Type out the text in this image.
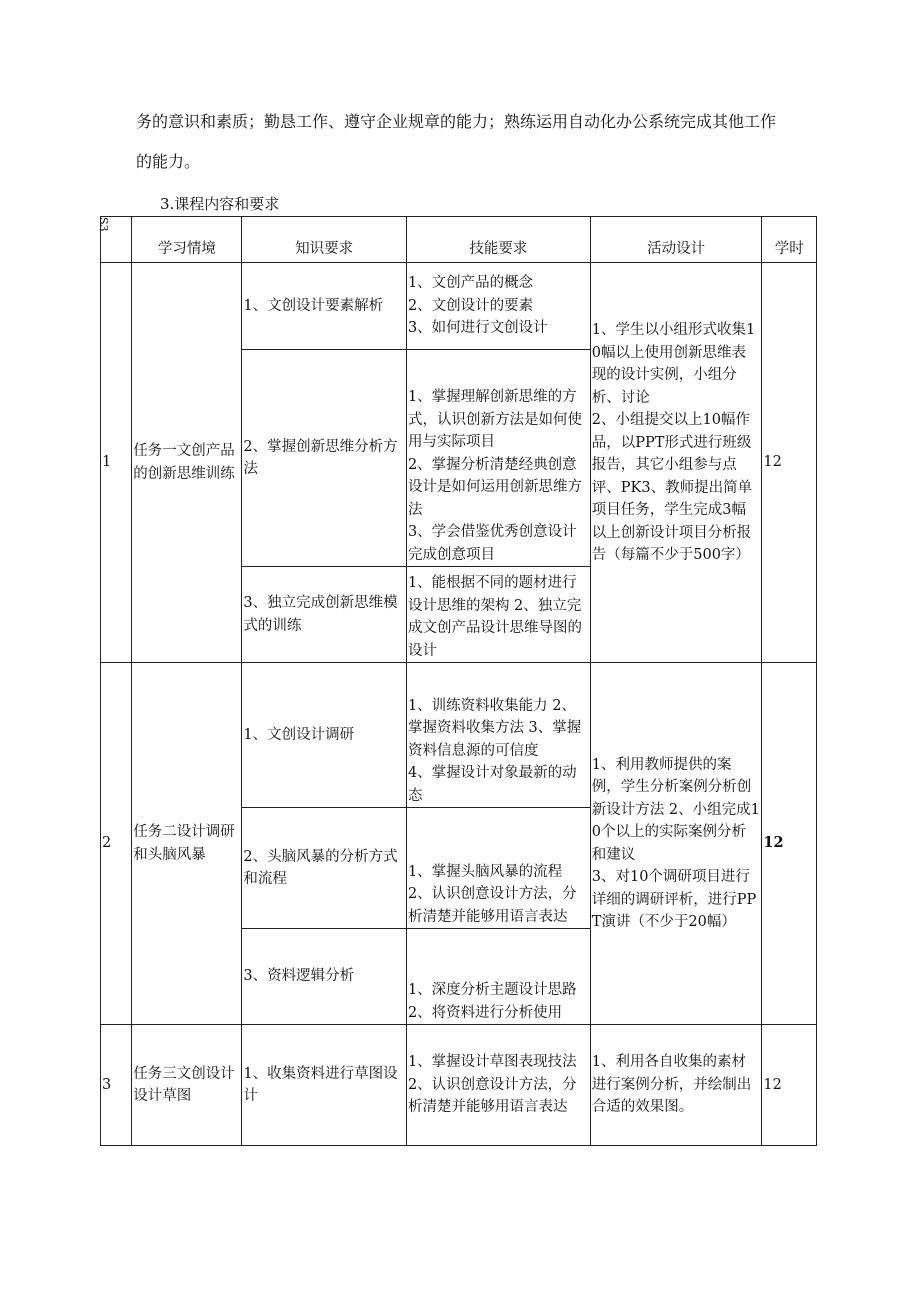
务的意识和素质；勤恳工作、遵守企业规章的能力；熟练运用自动化办公系统完成其他工作
的能力。
3.课程内容和要求
S3	学习情境	知识要求	技能要求	活动设计	学时
1	任务一文创产品的创新思维训练	1、文创设计要素解析	1、文创产品的概念
2、文创设计的要素
3、如何进行文创设计	1、学生以小组形式收集10幅以上使用创新思维表现的设计实例，小组分析、讨论
2、小组提交以上10幅作品，以PPT形式进行班级报告，其它小组参与点评、PK3、教师提出简单项目任务，学生完成3幅以上创新设计项目分析报告（每篇不少于500字）	12
		2、掌握创新思维分析方法	1、掌握理解创新思维的方式，认识创新方法是如何使用与实际项目
2、掌握分析清楚经典创意设计是如何运用创新思维方法
3、学会借鉴优秀创意设计完成创意项目		
		3、独立完成创新思维模式的训练	1、能根据不同的题材进行设计思维的架构 2、独立完成文创产品设计思维导图的设计		
2	任务二设计调研和头脑风暴	1、文创设计调研	1、训练资料收集能力 2、掌握资料收集方法 3、掌握资料信息源的可信度
4、掌握设计对象最新的动态	1、利用教师提供的案例，学生分析案例分析创新设计方法 2、小组完成10个以上的实际案例分析和建议
3、对10个调研项目进行详细的调研评析，进行PPT演讲（不少于20幅）	12
		2、头脑风暴的分析方式和流程	1、掌握头脑风暴的流程
2、认识创意设计方法，分析清楚并能够用语言表达		
		3、资料逻辑分析	1、深度分析主题设计思路
2、将资料进行分析使用		
3	任务三文创设计设计草图	1、收集资料进行草图设计	1、掌握设计草图表现技法
2、认识创意设计方法，分析清楚并能够用语言表达	1、利用各自收集的素材进行案例分析，并绘制出合适的效果图。	12
